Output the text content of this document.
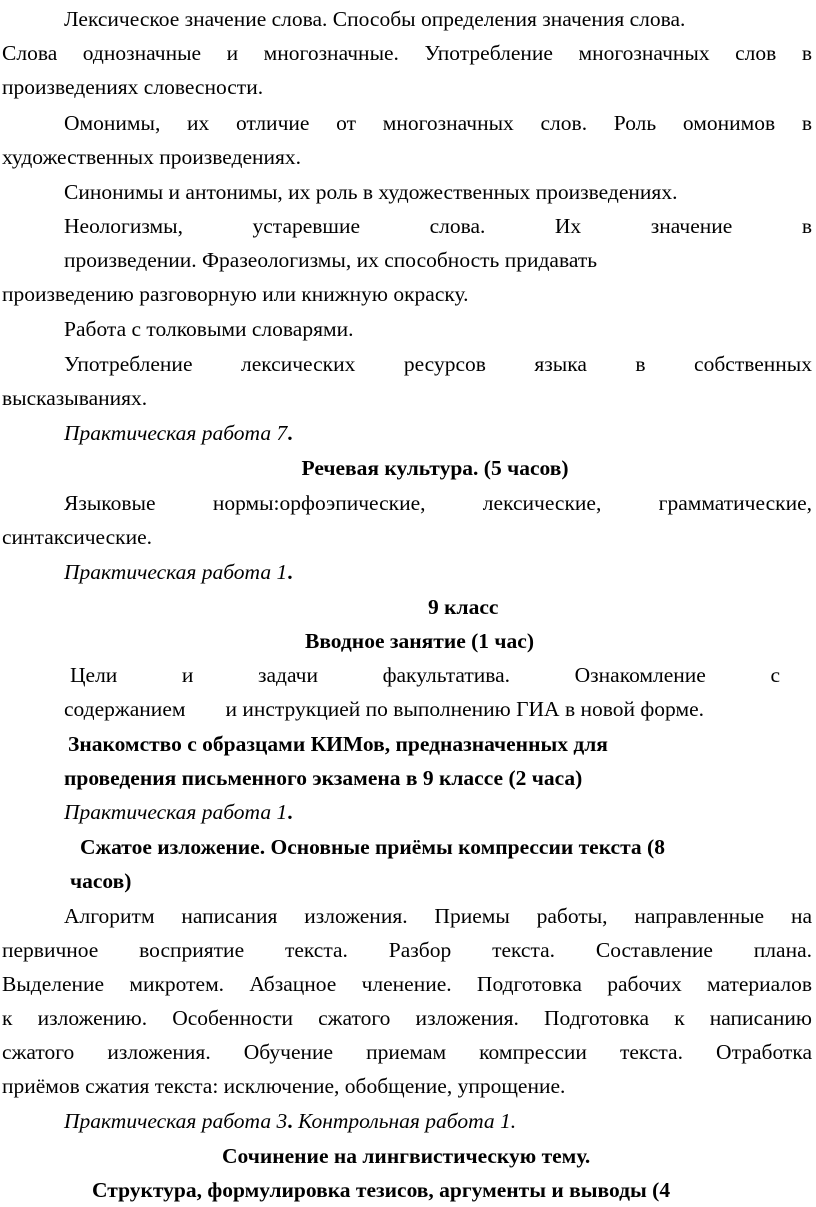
Лексическое значение слова. Способы определения значения слова.

Слова однозначные и многозначные. Употребление многозначных слов в

произведениях словесности.

Омонимы, их отличие от многозначных слов. Роль омонимов в

художественных произведениях.

Синонимы и антонимы, их роль в художественных произведениях.

Неологизмы, устаревшие слова. Их значение в

произведении. Фразеологизмы, их способность придавать

произведению разговорную или книжную окраску.

Работа с толковыми словарями.

Употребление лексических ресурсов языка в собственных

высказываниях.

Практическая работа 7.

Речевая культура. (5 часов)

Языковые нормы:орфоэпические, лексические, грамматические,

синтаксические.

Практическая работа 1.

9 класс

Вводное занятие (1 час)

Цели и задачи факультатива. Ознакомление с

содержанием и инструкцией по выполнению ГИА в новой форме.

Знакомство с образцами КИМов, предназначенных для

проведения письменного экзамена в 9 классе (2 часа)

Практическая работа 1.

Сжатое изложение. Основные приёмы компрессии текста (8

часов)

Алгоритм написания изложения. Приемы работы, направленные на

первичное восприятие текста. Разбор текста. Составление плана.

Выделение микротем. Абзацное членение. Подготовка рабочих материалов

к изложению. Особенности сжатого изложения. Подготовка к написанию

сжатого изложения. Обучение приемам компрессии текста. Отработка

приёмов сжатия текста: исключение, обобщение, упрощение.

Практическая работа 3. Контрольная работа 1.

Сочинение на лингвистическую тему.

Структура, формулировка тезисов, аргументы и выводы (4
